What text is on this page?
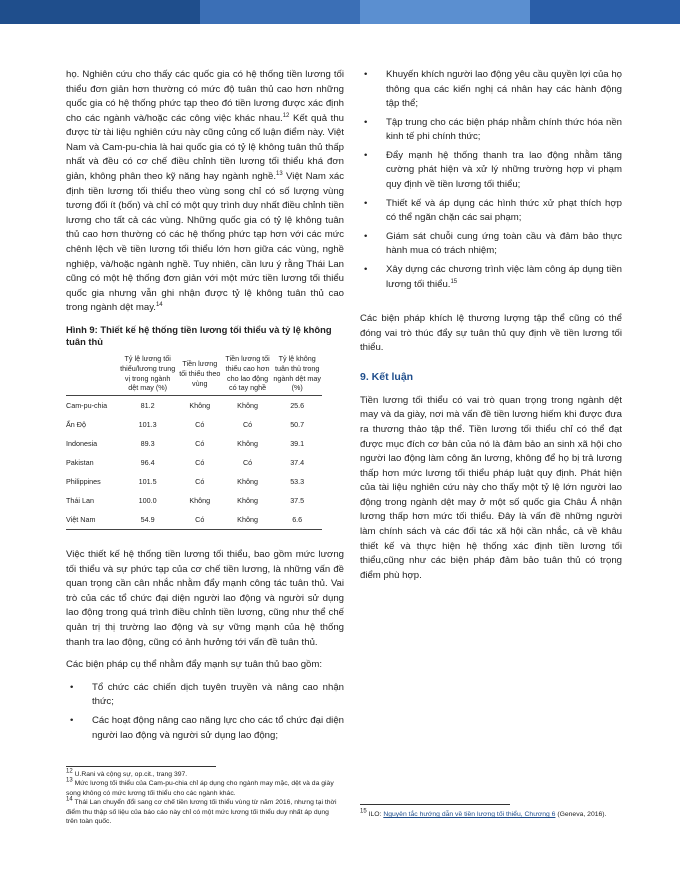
họ. Nghiên cứu cho thấy các quốc gia có hệ thống tiền lương tối thiểu đơn giản hơn thường có mức độ tuân thủ cao hơn những quốc gia có hệ thống phức tạp theo đó tiền lương được xác định cho các ngành và/hoặc các công việc khác nhau.$^{12}$ Kết quả thu được từ tài liệu nghiên cứu này cũng củng cố luận điểm này. Việt Nam và Cam-pu-chia là hai quốc gia có tỷ lệ không tuân thủ thấp nhất và đều có cơ chế điều chỉnh tiền lương tối thiểu khá đơn giản, không phân theo kỹ năng hay ngành nghề.$^{13}$ Việt Nam xác định tiền lương tối thiểu theo vùng song chỉ có số lượng vùng tương đối ít (bốn) và chỉ có một quy trình duy nhất điều chỉnh tiền lương cho tất cả các vùng. Những quốc gia có tỷ lệ không tuân thủ cao hơn thường có các hệ thống phức tạp hơn với các mức chênh lệch về tiền lương tối thiểu lớn hơn giữa các vùng, nghề nghiệp, và/hoặc ngành nghề. Tuy nhiên, cần lưu ý rằng Thái Lan cũng có một hệ thống đơn giản với một mức tiền lương tối thiểu quốc gia nhưng vẫn ghi nhận được tỷ lệ không tuân thủ cao trong ngành dệt may.$^{14}$

Hình 9: Thiết kế hệ thống tiền lương tối thiểu và tỷ lệ không tuân thủ
	Tỷ lệ lương tối thiểu/lương trung vị trong ngành dệt may (%)	Tiền lương tối thiểu theo vùng	Tiền lương tối thiểu cao hơn cho lao động có tay nghề	Tỷ lệ không tuân thủ trong ngành dệt may (%)
Cam-pu-chia	81.2	Không	Không	25.6
Ấn Độ	101.3	Có	Có	50.7
Indonesia	89.3	Có	Không	39.1
Pakistan	96.4	Có	Có	37.4
Philippines	101.5	Có	Không	53.3
Thái Lan	100.0	Không	Không	37.5
Việt Nam	54.9	Có	Không	6.6

Việc thiết kế hệ thống tiền lương tối thiểu, bao gồm mức lương tối thiểu và sự phức tạp của cơ chế tiền lương, là những vấn đề quan trọng cần cân nhắc nhằm đẩy mạnh công tác tuân thủ. Vai trò của các tổ chức đại diện người lao động và người sử dụng lao động trong quá trình điều chỉnh tiền lương, cũng như thể chế quản trị thị trường lao động và sự vững mạnh của hệ thống thanh tra lao động, cũng có ảnh hưởng tới vấn đề tuân thủ.

Các biện pháp cụ thể nhằm đẩy mạnh sự tuân thủ bao gồm:

• Tổ chức các chiến dịch tuyên truyền và nâng cao nhận thức;
• Các hoạt động nâng cao năng lực cho các tổ chức đại diện người lao động và người sử dụng lao động;
$^{12}$ U.Rani và cộng sự, op.cit., trang 397.
$^{13}$ Mức lương tối thiểu của Cam-pu-chia chỉ áp dụng cho ngành may mặc, dệt và da giày song không có mức lương tối thiểu cho các ngành khác.
$^{14}$ Thái Lan chuyển đổi sang cơ chế tiền lương tối thiểu vùng từ năm 2016, nhưng tại thời điểm thu thập số liệu của báo cáo này chỉ có một mức lương tối thiểu duy nhất áp dụng trên toàn quốc.
• Khuyến khích người lao động yêu cầu quyền lợi của họ thông qua các kiến nghị cá nhân hay các hành động tập thể;
• Tập trung cho các biện pháp nhằm chính thức hóa nền kinh tế phi chính thức;
• Đẩy mạnh hệ thống thanh tra lao động nhằm tăng cường phát hiện và xử lý những trường hợp vi phạm quy định về tiền lương tối thiểu;
• Thiết kế và áp dụng các hình thức xử phạt thích hợp có thể ngăn chặn các sai phạm;
• Giám sát chuỗi cung ứng toàn cầu và đảm bảo thực hành mua có trách nhiệm;
• Xây dựng các chương trình việc làm công áp dụng tiền lương tối thiểu.$^{15}$

Các biện pháp khích lệ thương lượng tập thể cũng có thể đóng vai trò thúc đẩy sự tuân thủ quy định về tiền lương tối thiểu.

9. Kết luận

Tiền lương tối thiểu có vai trò quan trọng trong ngành dệt may và da giày, nơi mà vấn đề tiền lương hiếm khi được đưa ra thương thảo tập thể. Tiền lương tối thiểu chỉ có thể đạt được mục đích cơ bản của nó là đảm bảo an sinh xã hội cho người lao động làm công ăn lương, không để họ bị trả lương thấp hơn mức lương tối thiểu pháp luật quy định. Phát hiện của tài liệu nghiên cứu này cho thấy một tỷ lệ lớn người lao động trong ngành dệt may ở một số quốc gia Châu Á nhận lương thấp hơn mức tối thiểu. Đây là vấn đề những người làm chính sách và các đối tác xã hội cần nhắc, cả về khâu thiết kế và thực hiện hệ thống xác định tiền lương tối thiểu,cũng như các biện pháp đảm bảo tuân thủ có trọng điểm phù hợp.

$^{15}$ ILO: Nguyên tắc hướng dẫn về tiền lương tối thiểu, Chương 6 (Geneva, 2016).
